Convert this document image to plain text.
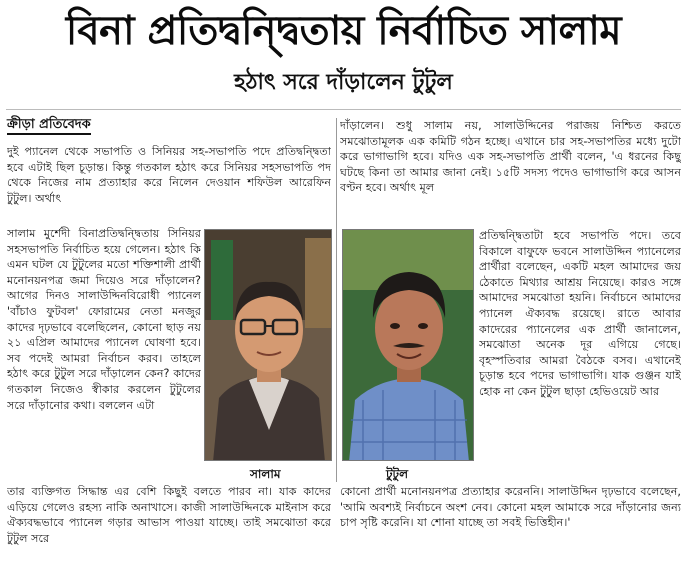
বিনা প্রতিদ্বন্দ্বিতায় নির্বাচিত সালাম
হঠাৎ সরে দাঁড়ালেন টুটুল
ক্রীড়া প্রতিবেদক
দুই প্যানেল থেকে সভাপতি ও সিনিয়র সহ-সভাপতি পদে প্রতিদ্বন্দ্বিতা হবে এটাই ছিল চূড়ান্ত। কিন্তু গতকাল হঠাৎ করে সিনিয়র সহসভাপতি পদ থেকে নিজের নাম প্রত্যাহার করে নিলেন দেওয়ান শফিউল আরেফিন টুটুল। অর্থাৎ
সালাম মুর্শেদী বিনাপ্রতিদ্বন্দ্বিতায় সিনিয়র সহসভাপতি নির্বাচিত হয়ে গেলেন। হঠাৎ কি এমন ঘটল যে টুটুলের মতো শক্তিশালী প্রার্থী মনোনয়নপত্র জমা দিয়েও সরে দাঁড়ালেন? আগের দিনও সালাউদ্দিনবিরোধী প্যানেল 'বাঁচাও ফুটবল' ফোরামের নেতা মনজুর কাদের দৃঢ়ভাবে বলেছিলেন, কোনো ছাড় নয় ২১ এপ্রিল আমাদের প্যানেল ঘোষণা হবে। সব পদেই আমরা নির্বাচন করব। তাহলে হঠাৎ করে টুটুল সরে দাঁড়ালেন কেন? কাদের গতকাল নিজেও স্বীকার করলেন টুটুলের সরে দাঁড়ানোর কথা। বললেন এটা
তার ব্যক্তিগত সিদ্ধান্ত এর বেশি কিছুই বলতে পারব না। যাক কাদের এড়িয়ে গেলেও রহস্য নাকি অনাখাসে। কাজী সালাউদ্দিনকে মাইনাস করে ঐক্যবদ্ধভাবে প্যানেল গড়ার আভাস পাওয়া যাচ্ছে। তাই সমঝোতা করে টুটুল সরে
দাঁড়ালেন। শুধু সালাম নয়, সালাউদ্দিনের পরাজয় নিশ্চিত করতে সমঝোতামূলক এক কমিটি গঠন হচ্ছে। এখানে চার সহ-সভাপতির মধ্যে দুটো করে ভাগাভাগি হবে। যদিও এক সহ-সভাপতি প্রার্থী বলেন, 'এ ধরনের কিছু ঘটছে কিনা তা আমার জানা নেই। ১৫টি সদস্য পদেও ভাগাভাগি করে আসন বণ্টন হবে। অর্থাৎ মূল
প্রতিদ্বন্দ্বিতাটা হবে সভাপতি পদে। তবে বিকালে বাফুফে ভবনে সালাউদ্দিন প্যানেলের প্রার্থীরা বলেছেন, একটি মহল আমাদের জয় ঠেকাতে মিথ্যার আশ্রয় নিয়েছে। কারও সঙ্গে আমাদের সমঝোতা হয়নি। নির্বাচনে আমাদের প্যানেল ঐক্যবদ্ধ রয়েছে। রাতে আবার কাদেরের প্যানেলের এক প্রার্থী জানালেন, সমঝোতা অনেক দূর এগিয়ে গেছে। বৃহস্পতিবার আমরা বৈঠকে বসব। এখানেই চূড়ান্ত হবে পদের ভাগাভাগি। যাক গুঞ্জন যাই হোক না কেন টুটুল ছাড়া হেভিওয়েট আর
কোনো প্রার্থী মনোনয়নপত্র প্রত্যাহার করেননি। সালাউদ্দিন দৃঢ়ভাবে বলেছেন, 'আমি অবশ্যই নির্বাচনে অংশ নেব। কোনো মহল আমাকে সরে দাঁড়ানোর জন্য চাপ সৃষ্টি করেনি। যা শোনা যাচ্ছে তা সবই ভিত্তিহীন।'
সালাম	টুটুল
